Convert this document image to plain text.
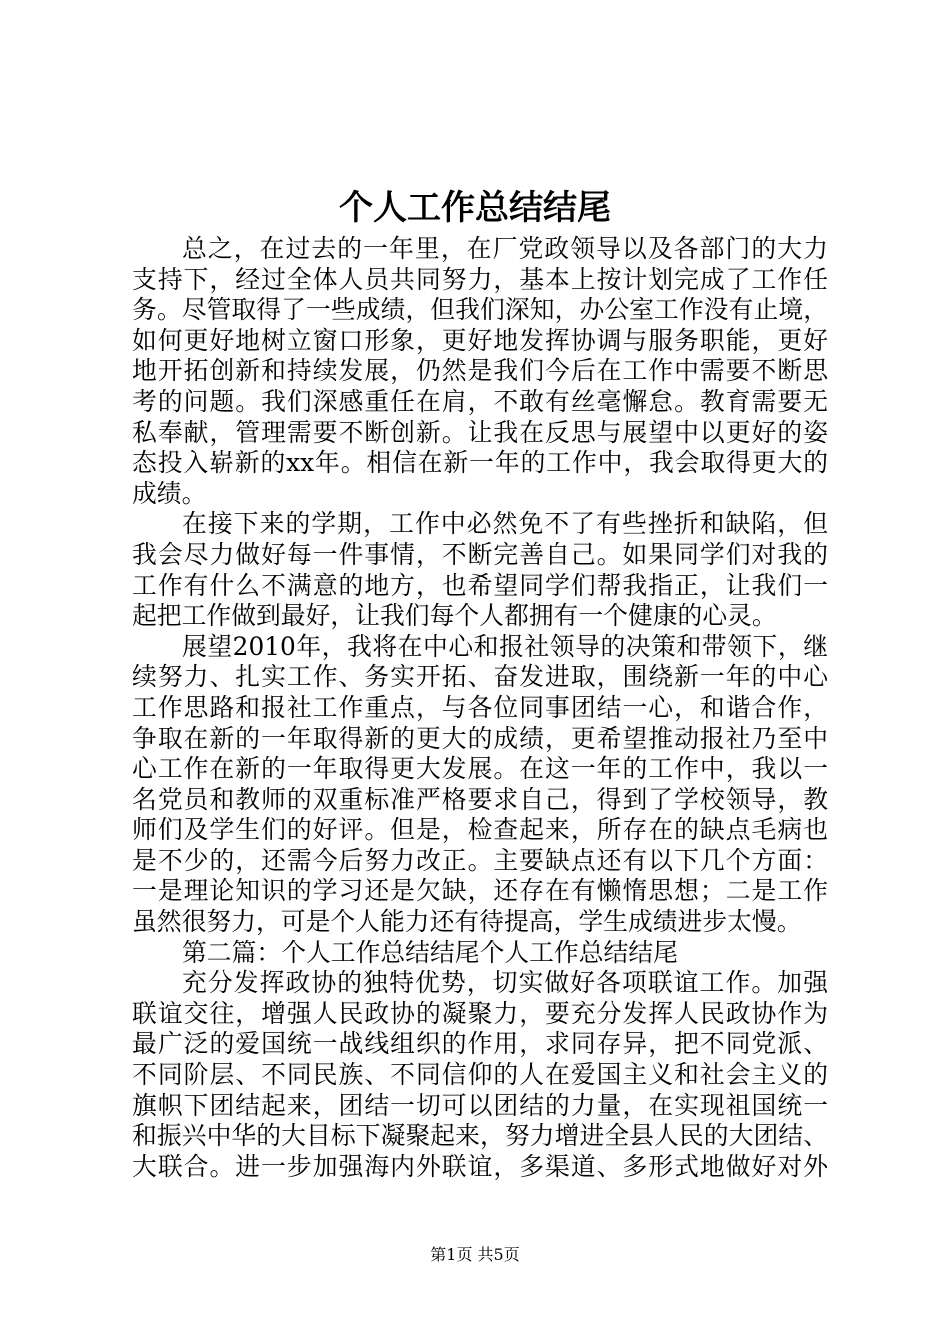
个人工作总结结尾
总之，在过去的一年里，在厂党政领导以及各部门的大力
支持下，经过全体人员共同努力，基本上按计划完成了工作任
务。尽管取得了一些成绩，但我们深知，办公室工作没有止境，
如何更好地树立窗口形象，更好地发挥协调与服务职能，更好
地开拓创新和持续发展，仍然是我们今后在工作中需要不断思
考的问题。我们深感重任在肩，不敢有丝毫懈怠。教育需要无
私奉献，管理需要不断创新。让我在反思与展望中以更好的姿
态投入崭新的xx年。相信在新一年的工作中，我会取得更大的
成绩。
在接下来的学期，工作中必然免不了有些挫折和缺陷，但
我会尽力做好每一件事情，不断完善自己。如果同学们对我的
工作有什么不满意的地方，也希望同学们帮我指正，让我们一
起把工作做到最好，让我们每个人都拥有一个健康的心灵。
展望2010年，我将在中心和报社领导的决策和带领下，继
续努力、扎实工作、务实开拓、奋发进取，围绕新一年的中心
工作思路和报社工作重点，与各位同事团结一心，和谐合作，
争取在新的一年取得新的更大的成绩，更希望推动报社乃至中
心工作在新的一年取得更大发展。在这一年的工作中，我以一
名党员和教师的双重标准严格要求自己，得到了学校领导，教
师们及学生们的好评。但是，检查起来，所存在的缺点毛病也
是不少的，还需今后努力改正。主要缺点还有以下几个方面：
一是理论知识的学习还是欠缺，还存在有懒惰思想；二是工作
虽然很努力，可是个人能力还有待提高，学生成绩进步太慢。
第二篇：个人工作总结结尾个人工作总结结尾
充分发挥政协的独特优势，切实做好各项联谊工作。加强
联谊交往，增强人民政协的凝聚力，要充分发挥人民政协作为
最广泛的爱国统一战线组织的作用，求同存异，把不同党派、
不同阶层、不同民族、不同信仰的人在爱国主义和社会主义的
旗帜下团结起来，团结一切可以团结的力量，在实现祖国统一
和振兴中华的大目标下凝聚起来，努力增进全县人民的大团结、
大联合。进一步加强海内外联谊，多渠道、多形式地做好对外
第1页 共5页
